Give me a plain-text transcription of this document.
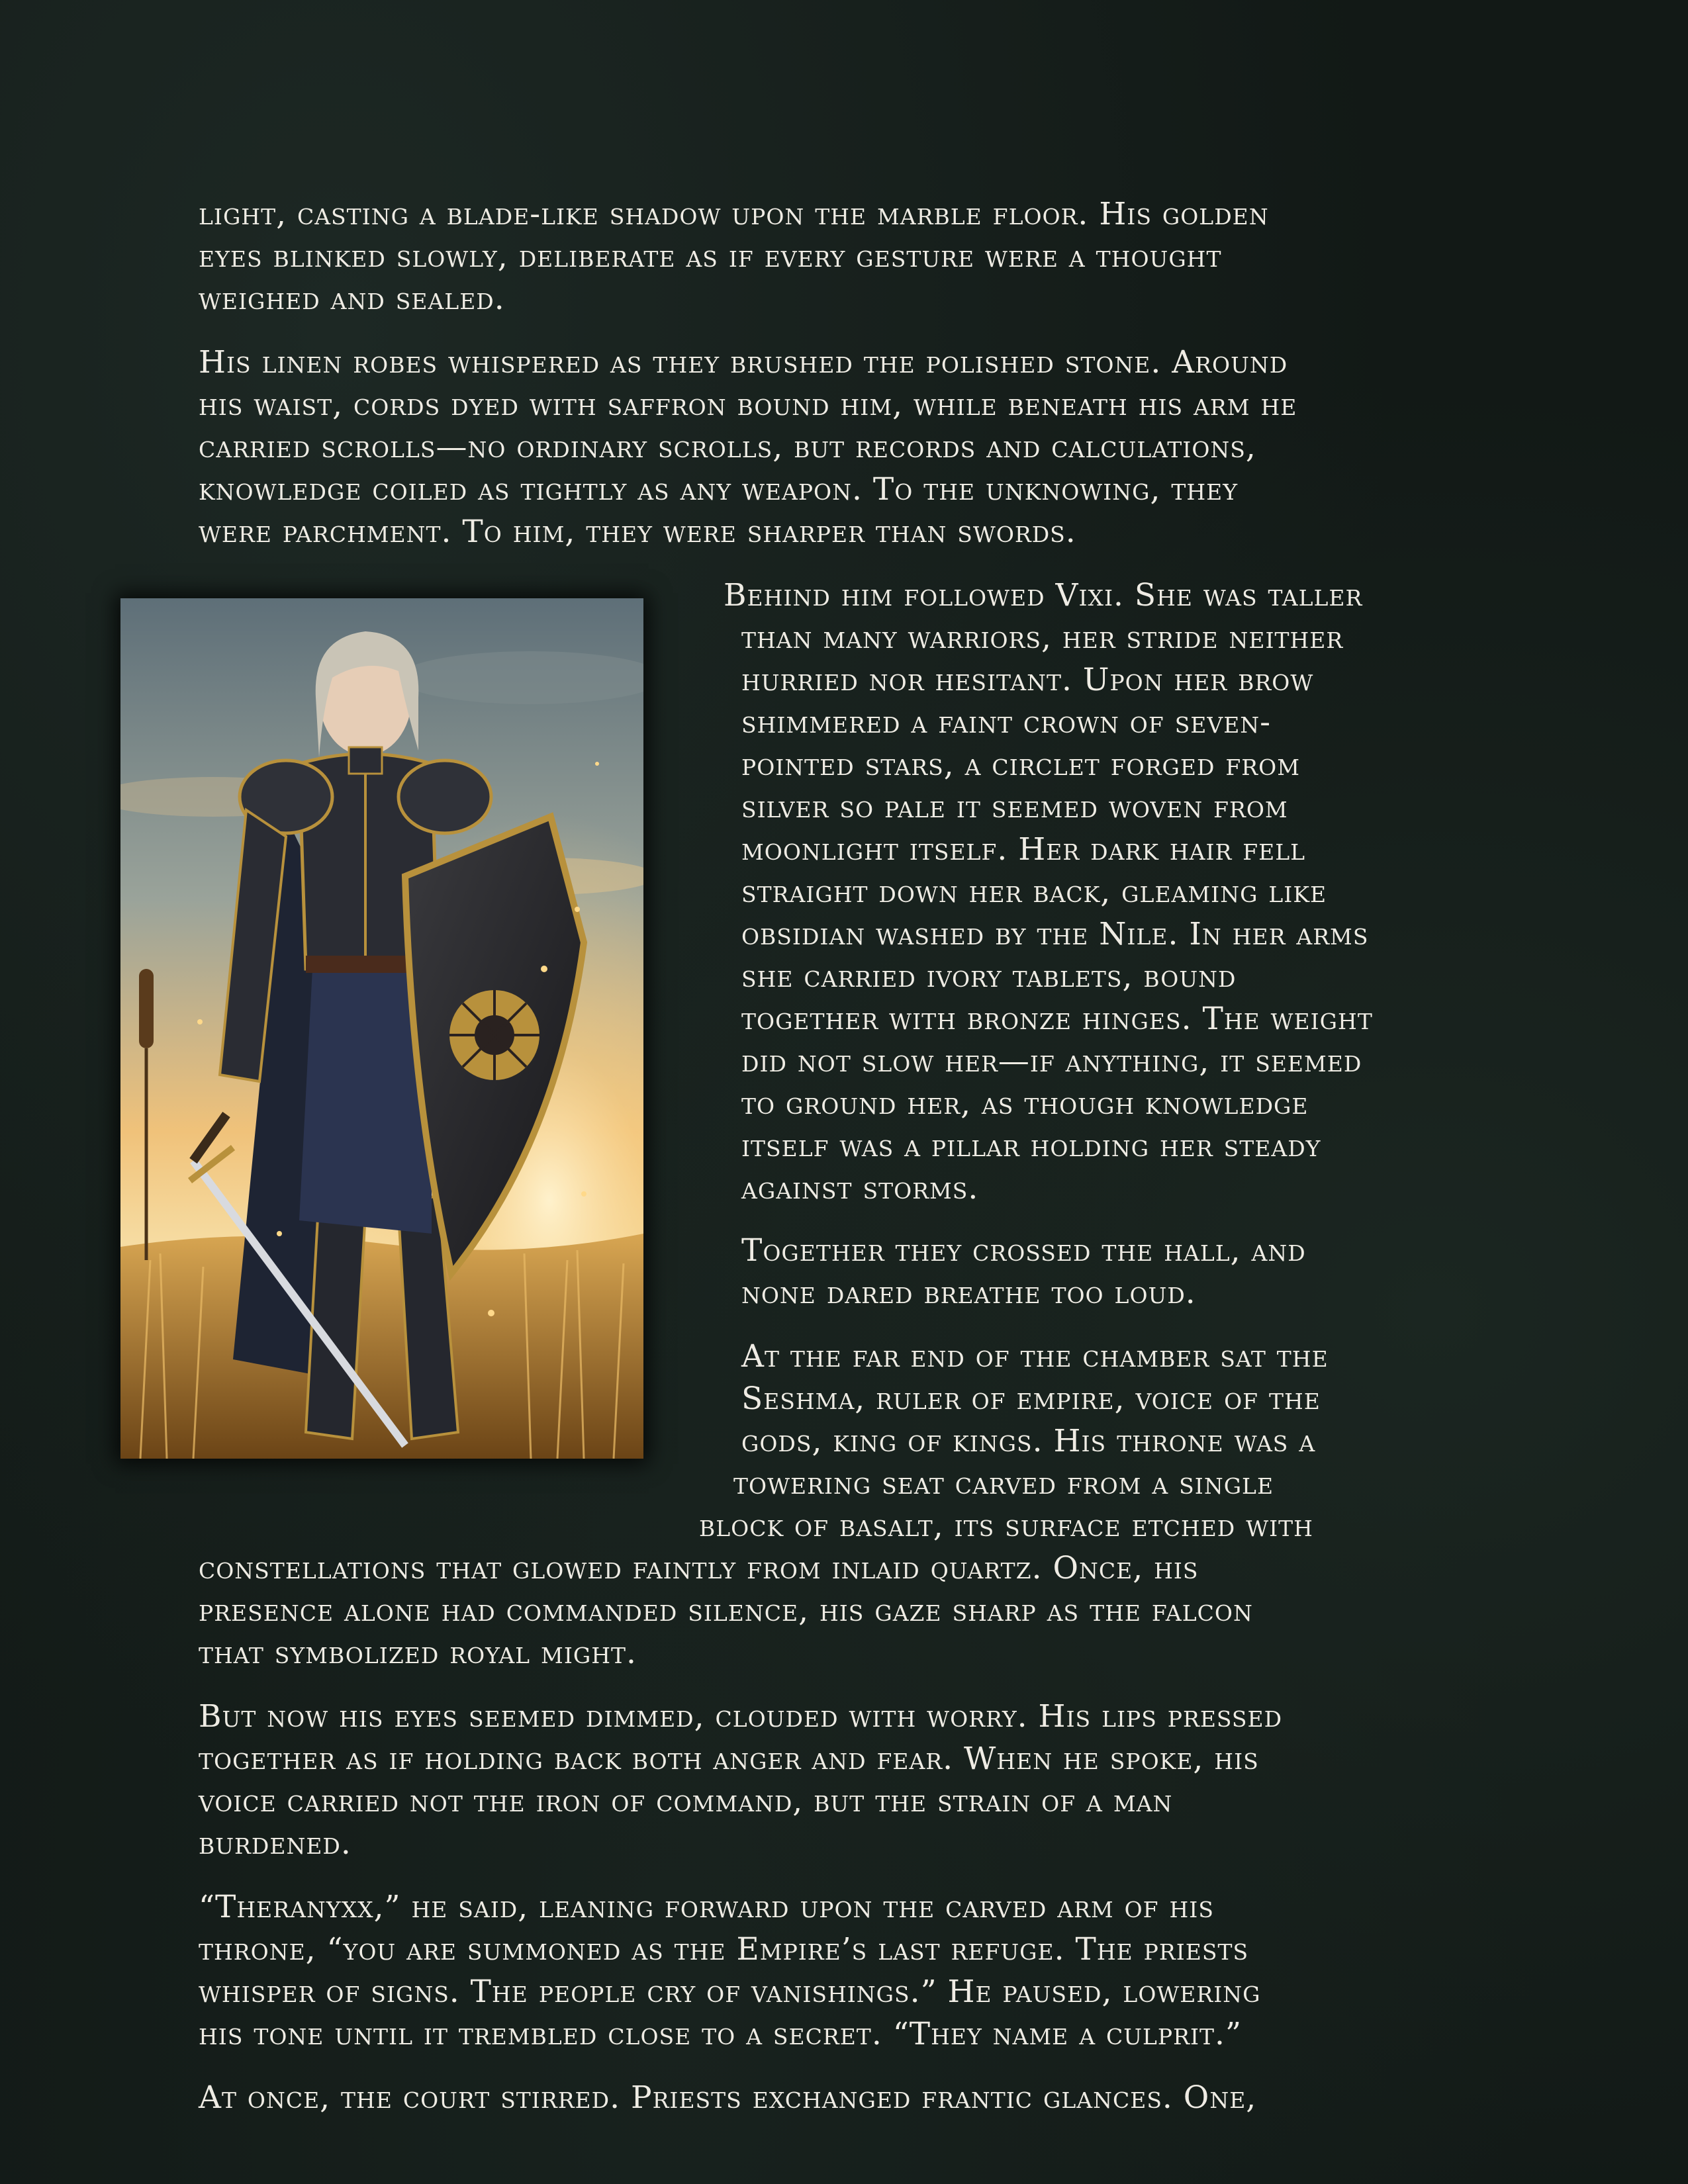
light, casting a blade-like shadow upon the marble floor. His golden
eyes blinked slowly, deliberate as if every gesture were a thought
weighed and sealed.
His linen robes whispered as they brushed the polished stone. Around
his waist, cords dyed with saffron bound him, while beneath his arm he
carried scrolls—no ordinary scrolls, but records and calculations,
knowledge coiled as tightly as any weapon. To the unknowing, they
were parchment. To him, they were sharper than swords.
Behind him followed Vixi. She was taller
than many warriors, her stride neither
hurried nor hesitant. Upon her brow
shimmered a faint crown of seven-
pointed stars, a circlet forged from
silver so pale it seemed woven from
moonlight itself. Her dark hair fell
straight down her back, gleaming like
obsidian washed by the Nile. In her arms
she carried ivory tablets, bound
together with bronze hinges. The weight
did not slow her—if anything, it seemed
to ground her, as though knowledge
itself was a pillar holding her steady
against storms.
Together they crossed the hall, and
none dared breathe too loud.
At the far end of the chamber sat the
Seshma, ruler of empire, voice of the
gods, king of kings. His throne was a
towering seat carved from a single
block of basalt, its surface etched with
constellations that glowed faintly from inlaid quartz. Once, his
presence alone had commanded silence, his gaze sharp as the falcon
that symbolized royal might.
But now his eyes seemed dimmed, clouded with worry. His lips pressed
together as if holding back both anger and fear. When he spoke, his
voice carried not the iron of command, but the strain of a man
burdened.
“Theranyxx,” he said, leaning forward upon the carved arm of his
throne, “you are summoned as the Empire’s last refuge. The priests
whisper of signs. The people cry of vanishings.” He paused, lowering
his tone until it trembled close to a secret. “They name a culprit.”
At once, the court stirred. Priests exchanged frantic glances. One,
